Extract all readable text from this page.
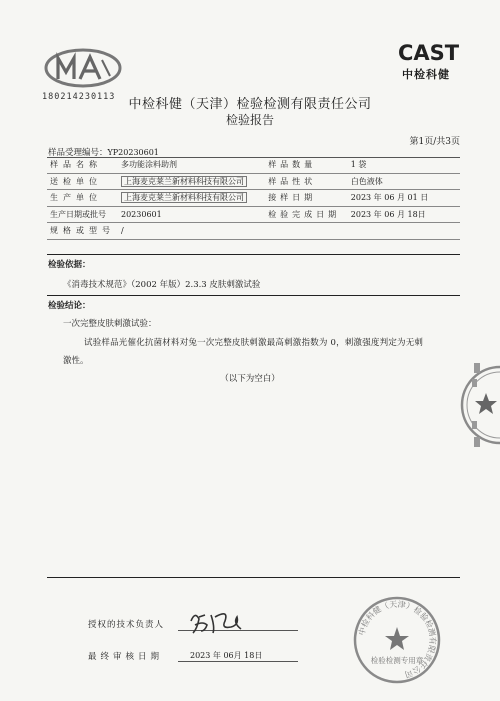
180214230113
CAST
中检科健
中检科健（天津）检验检测有限责任公司
检验报告
第1页/共3页
样品受理编号：YP20230601
样品名称	多功能涂料助剂		样品数量	1 袋
送检单位	上海麦克莱兰新材料科技有限公司		样品性状	白色液体
生产单位	上海麦克莱兰新材料科技有限公司		接样日期	2023 年 06 月 01 日
生产日期或批号	20230601		检验完成日期	2023 年 06 月 18日
规格或型号	/			
检验依据：
《消毒技术规范》（2002 年版）2.3.3 皮肤刺激试验
检验结论：
一次完整皮肤刺激试验：
试验样品光催化抗菌材料对兔一次完整皮肤刺激最高刺激指数为 0，刺激强度判定为无刺
激性。
（以下为空白）
授权的技术负责人
最终审核日期	2023 年 06月 18日
中检科健（天津）检验检测有限责任公司
检验检测专用章
